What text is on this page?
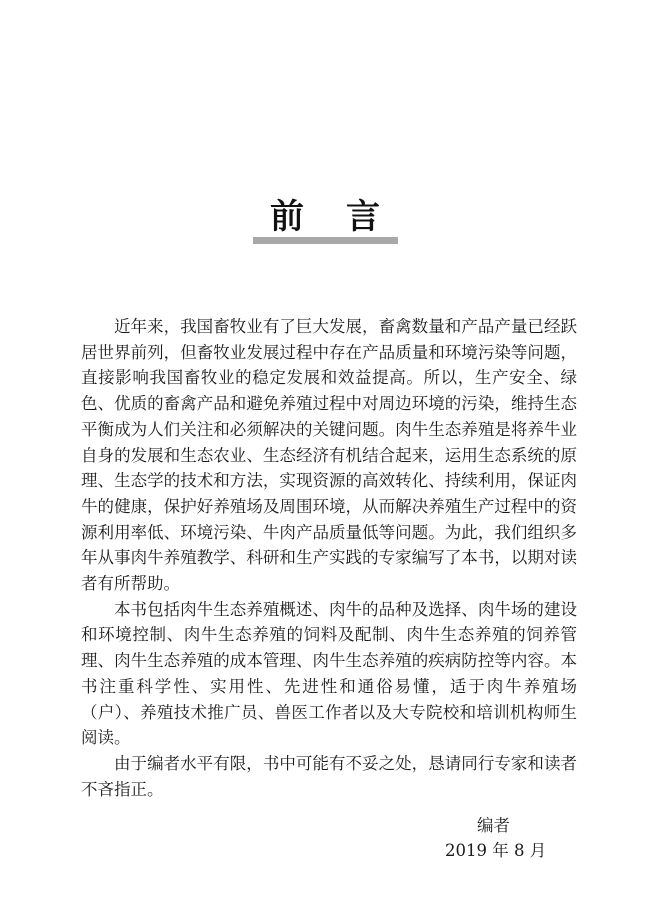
前言

近年来，我国畜牧业有了巨大发展，畜禽数量和产品产量已经跃居世界前列，但畜牧业发展过程中存在产品质量和环境污染等问题，直接影响我国畜牧业的稳定发展和效益提高。所以，生产安全、绿色、优质的畜禽产品和避免养殖过程中对周边环境的污染，维持生态平衡成为人们关注和必须解决的关键问题。肉牛生态养殖是将养牛业自身的发展和生态农业、生态经济有机结合起来，运用生态系统的原理、生态学的技术和方法，实现资源的高效转化、持续利用，保证肉牛的健康，保护好养殖场及周围环境，从而解决养殖生产过程中的资源利用率低、环境污染、牛肉产品质量低等问题。为此，我们组织多年从事肉牛养殖教学、科研和生产实践的专家编写了本书，以期对读者有所帮助。

本书包括肉牛生态养殖概述、肉牛的品种及选择、肉牛场的建设和环境控制、肉牛生态养殖的饲料及配制、肉牛生态养殖的饲养管理、肉牛生态养殖的成本管理、肉牛生态养殖的疾病防控等内容。本书注重科学性、实用性、先进性和通俗易懂，适于肉牛养殖场（户）、养殖技术推广员、兽医工作者以及大专院校和培训机构师生阅读。

由于编者水平有限，书中可能有不妥之处，恳请同行专家和读者不吝指正。

编者
2019 年 8 月
